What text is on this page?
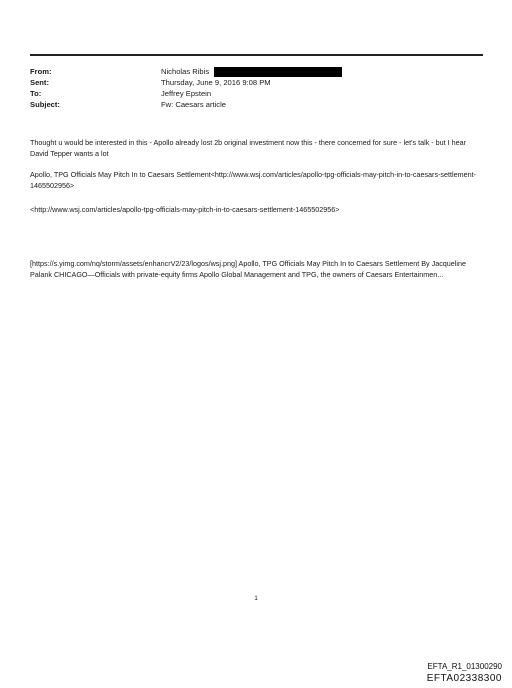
From:	Nicholas Ribis
Sent:	Thursday, June 9, 2016 9:08 PM
To:	Jeffrey Epstein
Subject:	Fw: Caesars article

Thought u would be interested in this - Apollo already lost 2b original investment now this - there concerned for sure - let's talk - but I hear David Tepper wants a lot

Apollo, TPG Officials May Pitch In to Caesars Settlement<http://www.wsj.com/articles/apollo-tpg-officials-may-pitch-in-to-caesars-settlement-1465502956>

<http://www.wsj.com/articles/apollo-tpg-officials-may-pitch-in-to-caesars-settlement-1465502956>

[https://s.yimg.com/nq/storm/assets/enhancrV2/23/logos/wsj.png] Apollo, TPG Officials May Pitch In to Caesars Settlement By Jacqueline Palank CHICAGO—Officials with private-equity firms Apollo Global Management and TPG, the owners of Caesars Entertainmen...

1
EFTA_R1_01300290
EFTA02338300
